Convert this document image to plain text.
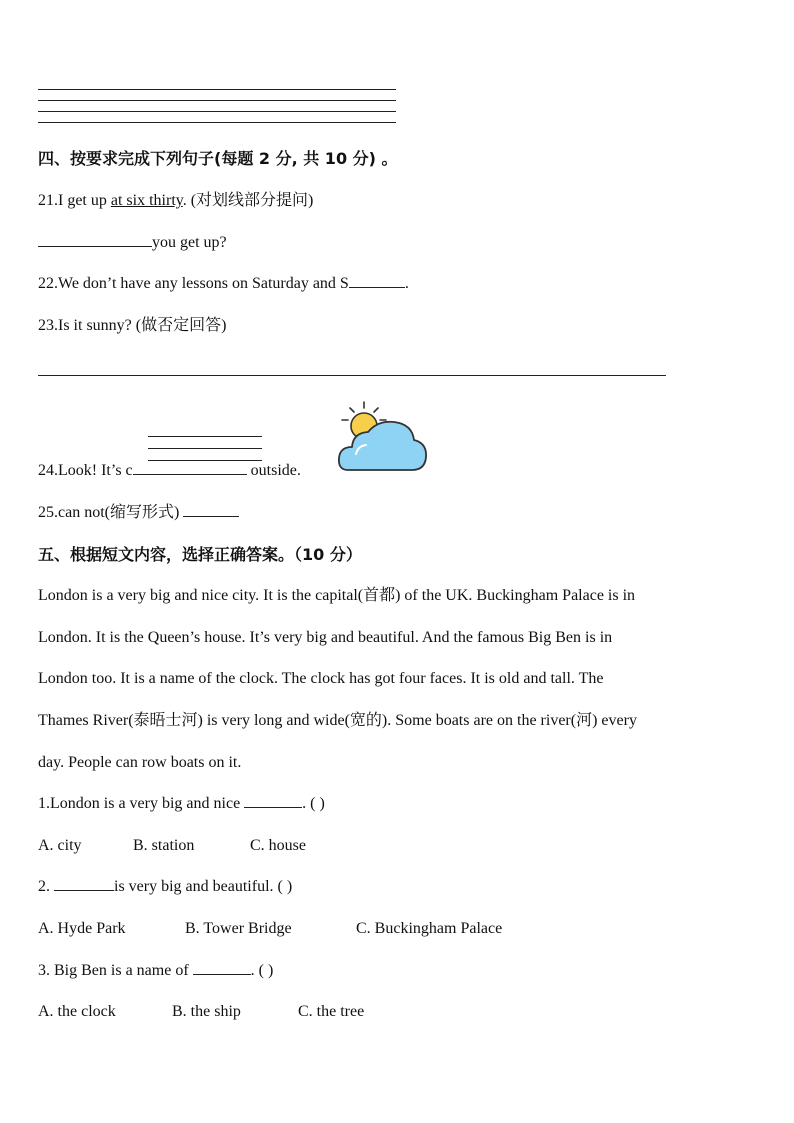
四、按要求完成下列句子(每题 2 分, 共 10 分) 。
21.I get up at six thirty. (对划线部分提问)
you get up?
22.We don’t have any lessons on Saturday and S	.
23.Is it sunny? (做否定回答)
24.Look! It’s c	outside.
25.can not(缩写形式)
五、根据短文内容，选择正确答案。（10 分）
London is a very big and nice city. It is the capital(首都) of the UK. Buckingham Palace is in
London. It is the Queen’s house. It’s very big and beautiful. And the famous Big Ben is in
London too. It is a name of the clock. The clock has got four faces. It is old and tall. The
Thames River(泰晤士河) is very long and wide(宽的). Some boats are on the river(河) every
day. People can row boats on it.
1.London is a very big and nice	. ( )
A. city	B. station	C. house
2.	is very big and beautiful. ( )
A. Hyde Park	B. Tower Bridge	C. Buckingham Palace
3. Big Ben is a name of	. ( )
A. the clock	B. the ship	C. the tree
